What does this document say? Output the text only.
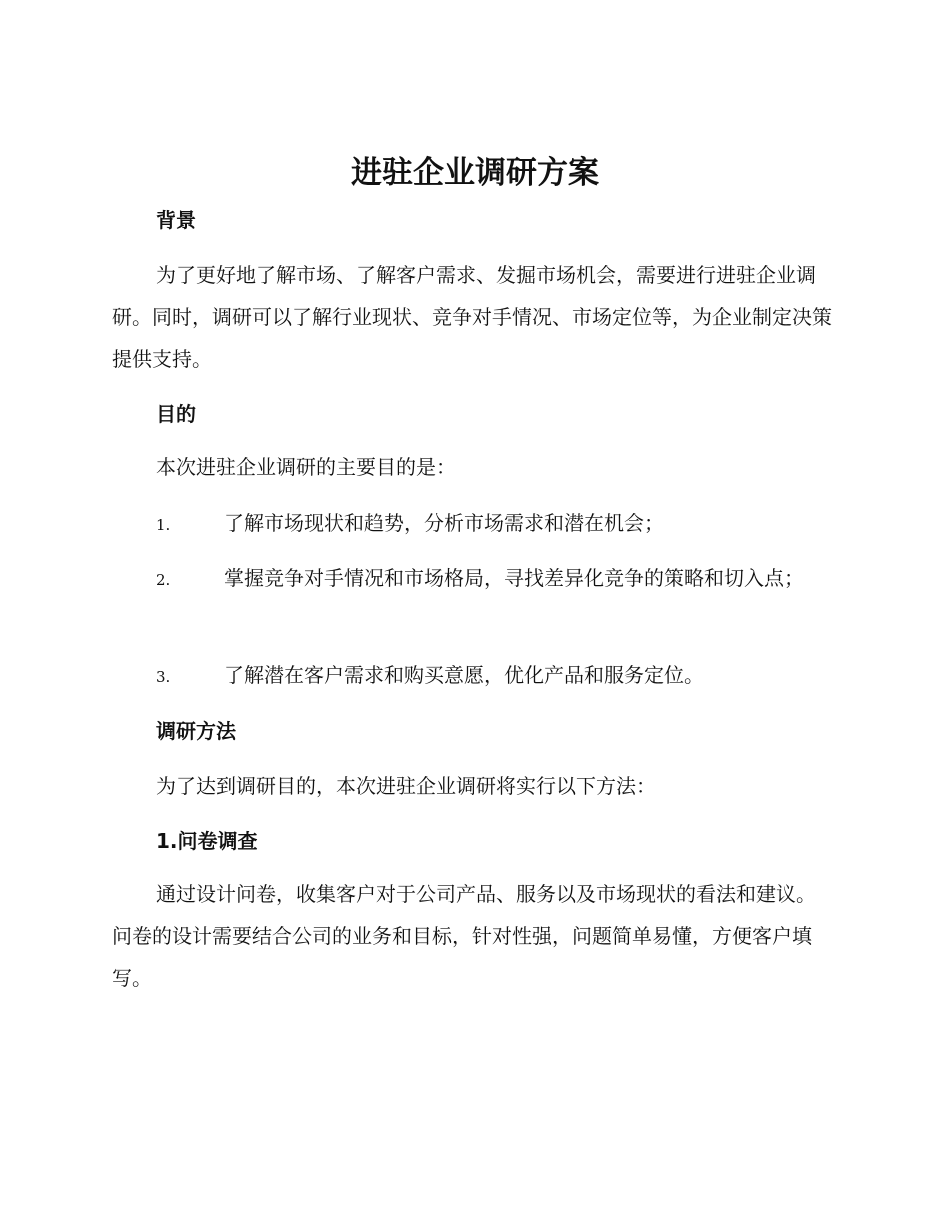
进驻企业调研方案
背景

为了更好地了解市场、了解客户需求、发掘市场机会，需要进行进驻企业调研。同时，调研可以了解行业现状、竞争对手情况、市场定位等，为企业制定决策提供支持。

目的

本次进驻企业调研的主要目的是：

1.	了解市场现状和趋势，分析市场需求和潜在机会；

2.	掌握竞争对手情况和市场格局，寻找差异化竞争的策略和切入点；

3.	了解潜在客户需求和购买意愿，优化产品和服务定位。

调研方法

为了达到调研目的，本次进驻企业调研将实行以下方法：

1.问卷调查

通过设计问卷，收集客户对于公司产品、服务以及市场现状的看法和建议。问卷的设计需要结合公司的业务和目标，针对性强，问题简单易懂，方便客户填写。
